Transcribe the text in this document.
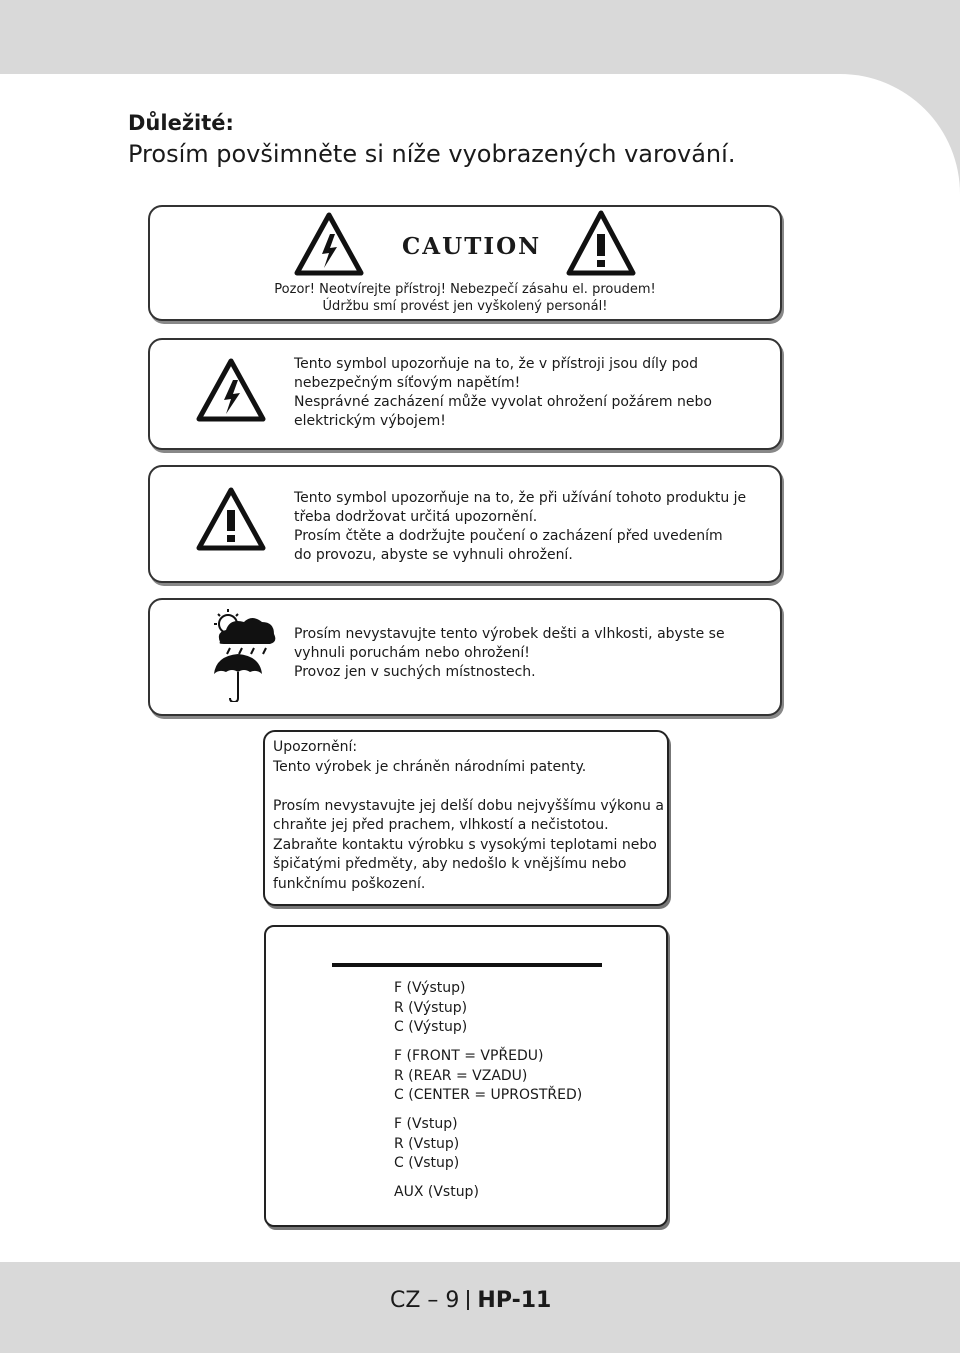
Důležité:
Prosím povšimněte si níže vyobrazených varování.
CAUTION
Pozor! Neotvírejte přístroj! Nebezpečí zásahu el. proudem!
Údržbu smí provést jen vyškolený personál!
Tento symbol upozorňuje na to, že v přístroji jsou díly pod
nebezpečným síťovým napětím!
Nesprávné zacházení může vyvolat ohrožení požárem nebo
elektrickým výbojem!
Tento symbol upozorňuje na to, že při užívání tohoto produktu je
třeba dodržovat určitá upozornění.
Prosím čtěte a dodržujte poučení o zacházení před uvedením
do provozu, abyste se vyhnuli ohrožení.
Prosím nevystavujte tento výrobek dešti a vlhkosti, abyste se
vyhnuli poruchám nebo ohrožení!
Provoz jen v suchých místnostech.
Upozornění:
Tento výrobek je chráněn národními patenty.
Prosím nevystavujte jej delší dobu nejvyššímu výkonu a
chraňte jej před prachem, vlhkostí a nečistotou.
Zabraňte kontaktu výrobku s vysokými teplotami nebo
špičatými předměty, aby nedošlo k vnějšímu nebo
funkčnímu poškození.
F (Výstup)
R (Výstup)
C (Výstup)
F (FRONT = VPŘEDU)
R (REAR = VZADU)
C (CENTER = UPROSTŘED)
F (Vstup)
R (Vstup)
C (Vstup)
AUX (Vstup)
CZ – 9 HP-11
